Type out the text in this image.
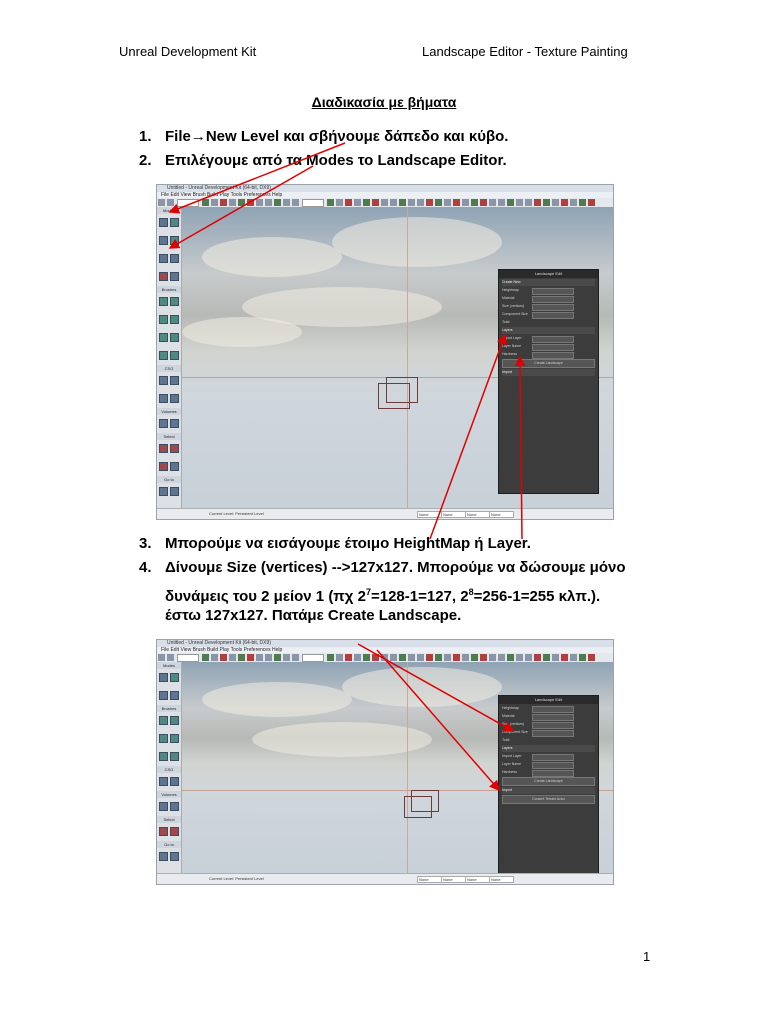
Unreal Development Kit	Landscape Editor - Texture Painting
Διαδικασία με βήματα
1. File→New Level και σβήνουμε δάπεδο και κύβο.
2. Επιλέγουμε από τα Modes το Landscape Editor.
Untitled - Unreal Development Kit (64-bit, DX9)
File Edit View Brush Build Play Tools Preferences Help
Modes

Brushes

CSG

Volumes
Select

Go to
Landscape Edit
Create New
Heightmap
Material
Size (vertices)
Component Size
Total
Layers
Import Layer
Layer Name
Hardness
Create Landscape
Import
Current Level: Persistent Level	None	None	None	None
3. Μπορούμε να εισάγουμε έτοιμο HeightMap ή Layer.
4. Δίνουμε Size (vertices) -->127x127. Μπορούμε να δώσουμε μόνο
δυνάμεις του 2 μείον 1 (πχ $2^7=128-1=127$, $2^8=256-1=255$ κλπ.).
έστω 127x127. Πατάμε Create Landscape.
Untitled - Unreal Development Kit (64-bit, DX9)
File Edit View Brush Build Play Tools Preferences Help
Modes

Brushes

CSG
Volumes
Select
Go to
Landscape Edit
Heightmap
Material
Size (vertices)
Component Size
Total
Layers
Import Layer
Layer Name
Hardness
Create Landscape
Import
Convert Terrain Actor
Current Level: Persistent Level	None	None	None	None
1
